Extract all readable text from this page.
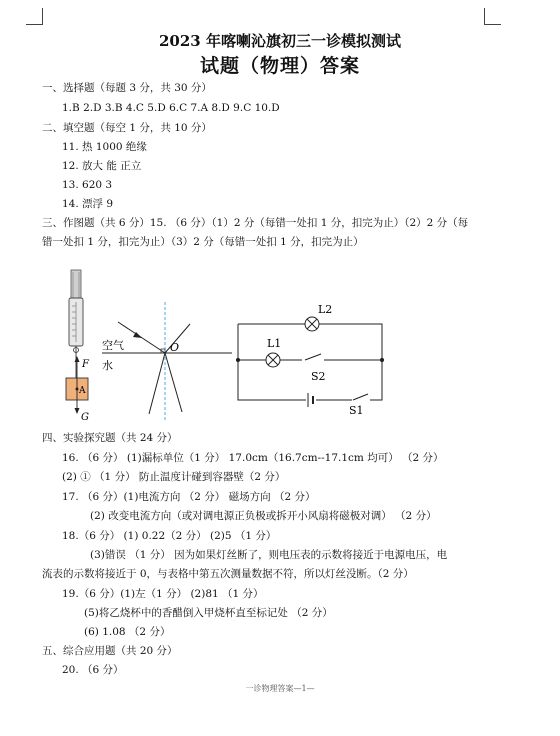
2023 年喀喇沁旗初三一诊模拟测试
试题（物理）答案
一、选择题（每题 3 分，共 30 分）
1.B 2.D 3.B 4.C 5.D 6.C 7.A 8.D 9.C 10.D
二、填空题（每空 1 分，共 10 分）
11. 热 1000 绝缘
12. 放大 能 正立
13. 620 3
14. 漂浮 9
三、作图题（共 6 分）15. （6 分）（1）2 分（每错一处扣 1 分，扣完为止）（2）2 分（每
错一处扣 1 分，扣完为止）（3）2 分（每错一处扣 1 分，扣完为止）
F
A
G
空气
水
O
L2
L1
S2
S1
四、实验探究题（共 24 分）
16. （6 分） (1)漏标单位（1 分） 17.0cm（16.7cm--17.1cm 均可） （2 分）
(2) ① （1 分） 防止温度计碰到容器壁（2 分）
17. （6 分）(1)电流方向 （2 分） 磁场方向 （2 分）
(2) 改变电流方向（或对调电源正负极或拆开小风扇将磁极对调） （2 分）
18.（6 分） (1) 0.22（2 分） (2)5 （1 分）
(3)错误 （1 分） 因为如果灯丝断了，则电压表的示数将接近于电源电压，电
流表的示数将接近于 0，与表格中第五次测量数据不符，所以灯丝没断。（2 分）
19.（6 分）(1)左（1 分） (2)81 （1 分）
(5)将乙烧杯中的香醋倒入甲烧杯直至标记处 （2 分）
(6) 1.08 （2 分）
五、综合应用题（共 20 分）
20. （6 分）
一诊物理答案—1—
